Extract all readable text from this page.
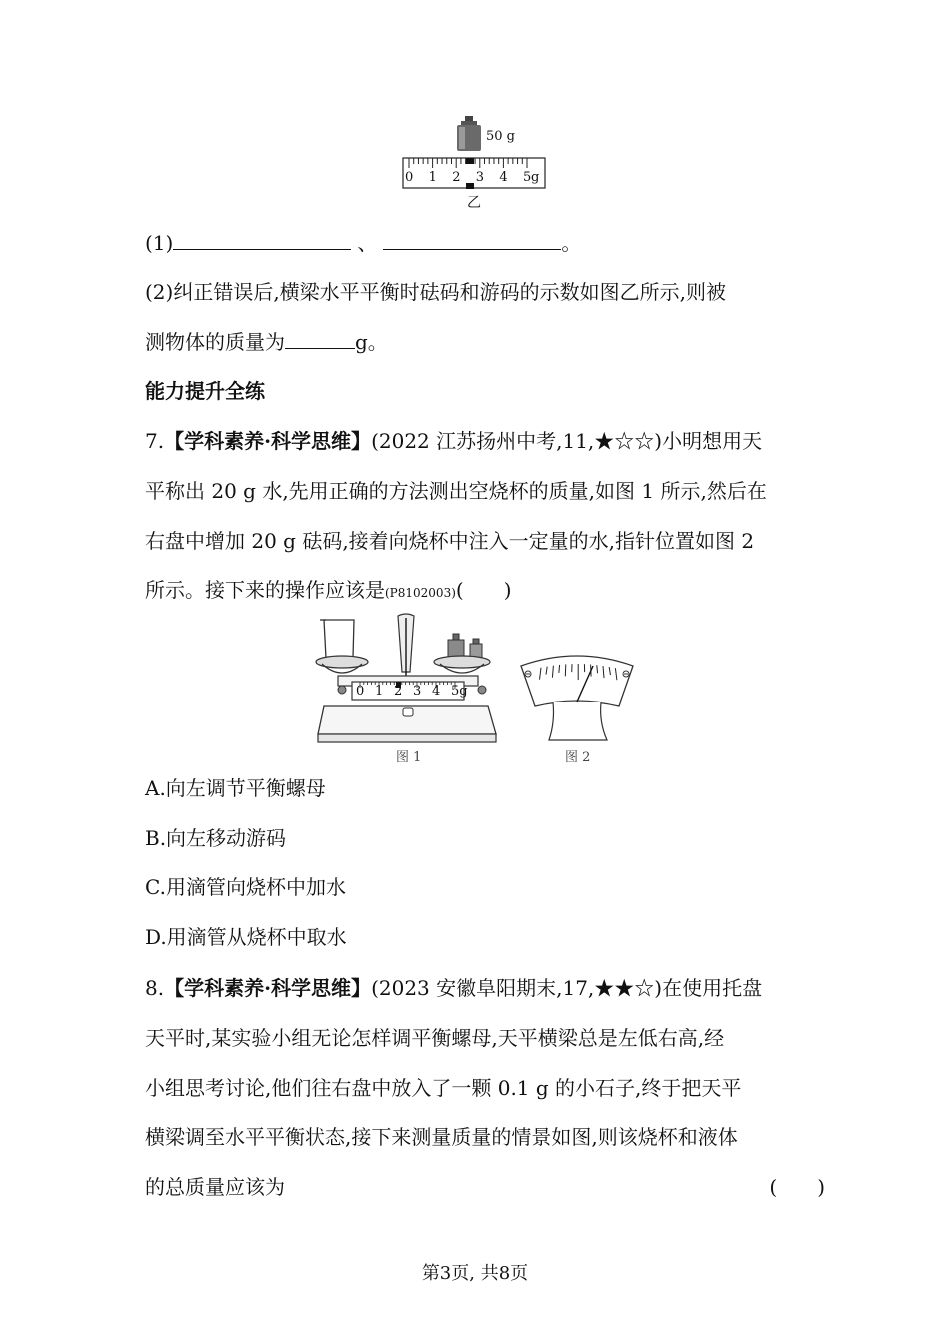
50 g
0 1 2 3 4 5 g
乙
(1)	、	。
(2)纠正错误后,横梁水平平衡时砝码和游码的示数如图乙所示,则被
测物体的质量为	g。
能力提升全练
7.【学科素养·科学思维】(2022 江苏扬州中考,11,★☆☆)小明想用天
平称出 20 g 水,先用正确的方法测出空烧杯的质量,如图 1 所示,然后在
右盘中增加 20 g 砝码,接着向烧杯中注入一定量的水,指针位置如图 2
所示。接下来的操作应该是(P8102003)(　　)
0 1 2 3 4 5g
图 1	图 2
A.向左调节平衡螺母
B.向左移动游码
C.用滴管向烧杯中加水
D.用滴管从烧杯中取水
8.【学科素养·科学思维】(2023 安徽阜阳期末,17,★★☆)在使用托盘
天平时,某实验小组无论怎样调平衡螺母,天平横梁总是左低右高,经
小组思考讨论,他们往右盘中放入了一颗 0.1 g 的小石子,终于把天平
横梁调至水平平衡状态,接下来测量质量的情景如图,则该烧杯和液体
的总质量应该为	(　　)
第3页, 共8页
